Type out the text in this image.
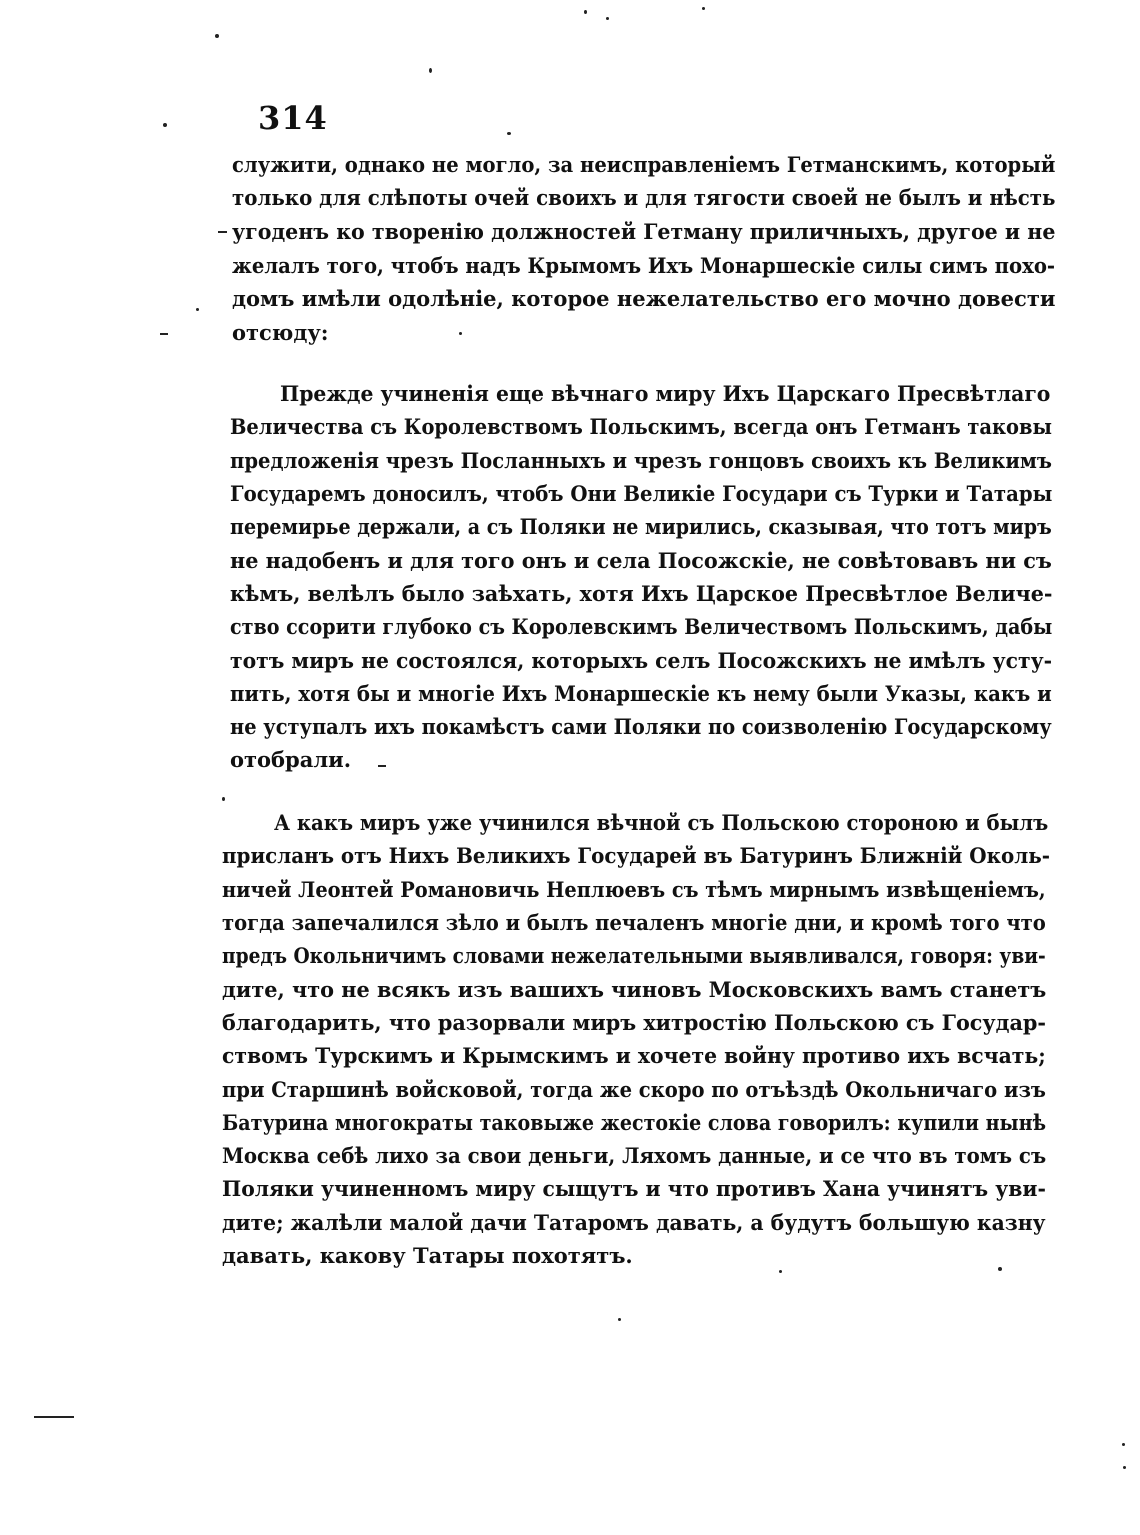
314
служити, однако не могло, за неисправленіемъ Гетманскимъ, который
только для слѣпоты очей своихъ и для тягости своей не былъ и нѣсть
угоденъ ко творенію должностей Гетману приличныхъ, другое и не
желалъ того, чтобъ надъ Крымомъ Ихъ Монаршескіе силы симъ похо-
домъ имѣли одолѣніе, которое нежелательство его мочно довести
отсюду:
Прежде учиненія еще вѣчнаго миру Ихъ Царскаго Пресвѣтлаго
Величества съ Королевствомъ Польскимъ, всегда онъ Гетманъ таковы
предложенія чрезъ Посланныхъ и чрезъ гонцовъ своихъ къ Великимъ
Государемъ доносилъ, чтобъ Они Великіе Государи съ Турки и Татары
перемирье держали, а съ Поляки не мирились, сказывая, что тотъ миръ
не надобенъ и для того онъ и села Посожскіе, не совѣтовавъ ни съ
кѣмъ, велѣлъ было заѣхать, хотя Ихъ Царское Пресвѣтлое Величе-
ство ссорити глубоко съ Королевскимъ Величествомъ Польскимъ, дабы
тотъ миръ не состоялся, которыхъ селъ Посожскихъ не имѣлъ усту-
пить, хотя бы и многіе Ихъ Монаршескіе къ нему были Указы, какъ и
не уступалъ ихъ покамѣстъ сами Поляки по соизволенію Государскому
отобрали.
А какъ миръ уже учинился вѣчной съ Польскою стороною и былъ
присланъ отъ Нихъ Великихъ Государей въ Батуринъ Ближній Околь-
ничей Леонтей Романовичь Неплюевъ съ тѣмъ мирнымъ извѣщеніемъ,
тогда запечалился зѣло и былъ печаленъ многіе дни, и кромѣ того что
предъ Окольничимъ словами нежелательными выявливался, говоря: уви-
дите, что не всякъ изъ вашихъ чиновъ Московскихъ вамъ станетъ
благодарить, что разорвали миръ хитростію Польскою съ Государ-
ствомъ Турскимъ и Крымскимъ и хочете войну противо ихъ всчать;
при Старшинѣ войсковой, тогда же скоро по отъѣздѣ Окольничаго изъ
Батурина многократы таковыже жестокіе слова говорилъ: купили нынѣ
Москва себѣ лихо за свои деньги, Ляхомъ данные, и се что въ томъ съ
Поляки учиненномъ миру сыщутъ и что противъ Хана учинятъ уви-
дите; жалѣли малой дачи Татаромъ давать, а будутъ большую казну
давать, какову Татары похотятъ.
